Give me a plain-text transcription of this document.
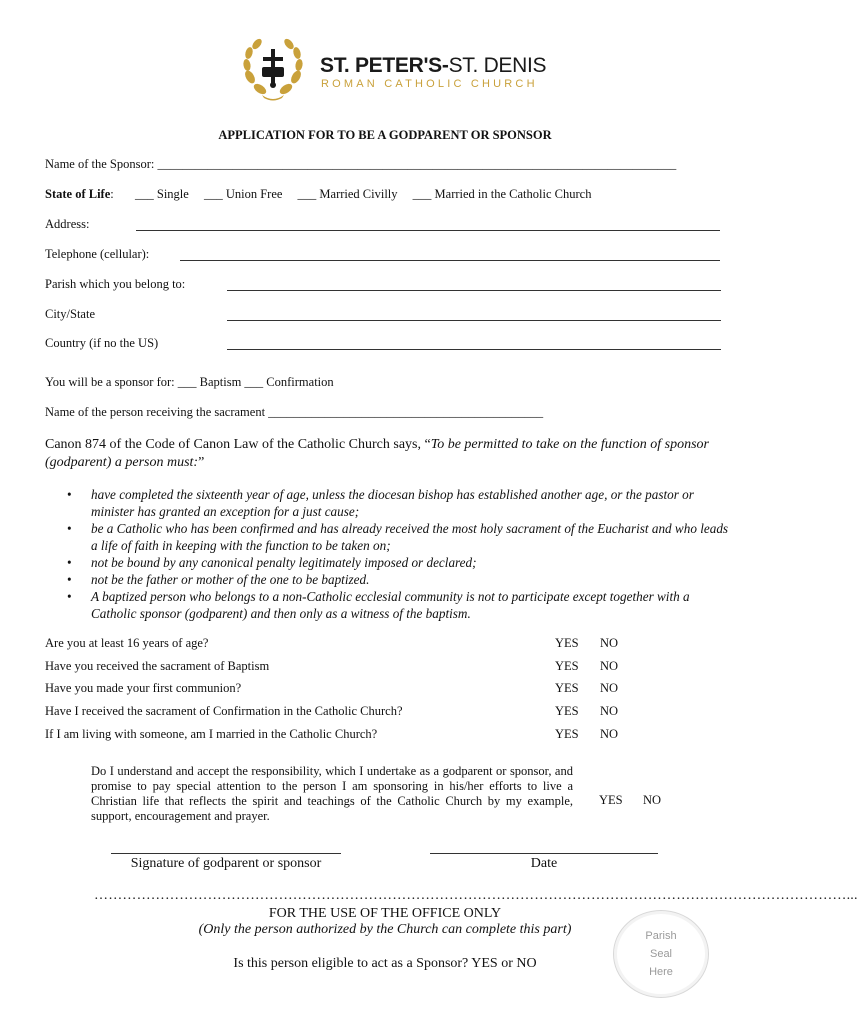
ST. PETER'S-ST. DENIS
ROMAN CATHOLIC CHURCH
APPLICATION FOR TO BE A GODPARENT OR SPONSOR
Name of the Sponsor: ___________________________________________________________________________________
State of Life: ___ Single ___ Union Free ___ Married Civilly ___ Married in the Catholic Church
Address:
Telephone (cellular):
Parish which you belong to:
City/State
Country (if no the US)
You will be a sponsor for: ___ Baptism ___ Confirmation
Name of the person receiving the sacrament ____________________________________________
Canon 874 of the Code of Canon Law of the Catholic Church says, “To be permitted to take on the function of sponsor (godparent) a person must:”
• have completed the sixteenth year of age, unless the diocesan bishop has established another age, or the pastor or minister has granted an exception for a just cause;
• be a Catholic who has been confirmed and has already received the most holy sacrament of the Eucharist and who leads a life of faith in keeping with the function to be taken on;
• not be bound by any canonical penalty legitimately imposed or declared;
• not be the father or mother of the one to be baptized.
• A baptized person who belongs to a non-Catholic ecclesial community is not to participate except together with a Catholic sponsor (godparent) and then only as a witness of the baptism.
Are you at least 16 years of age?	YES NO
Have you received the sacrament of Baptism	YES NO
Have you made your first communion?	YES NO
Have I received the sacrament of Confirmation in the Catholic Church?	YES NO
If I am living with someone, am I married in the Catholic Church?	YES NO
Do I understand and accept the responsibility, which I undertake as a godparent or sponsor, and promise to pay special attention to the person I am sponsoring in his/her efforts to live a Christian life that reflects the spirit and teachings of the Catholic Church by my example, support, encouragement and prayer.
YES NO
Signature of godparent or sponsor	Date
……………………………………………………………………………………………………………………………………………...
FOR THE USE OF THE OFFICE ONLY
(Only the person authorized by the Church can complete this part)
Is this person eligible to act as a Sponsor? YES or NO
Parish
Seal
Here
